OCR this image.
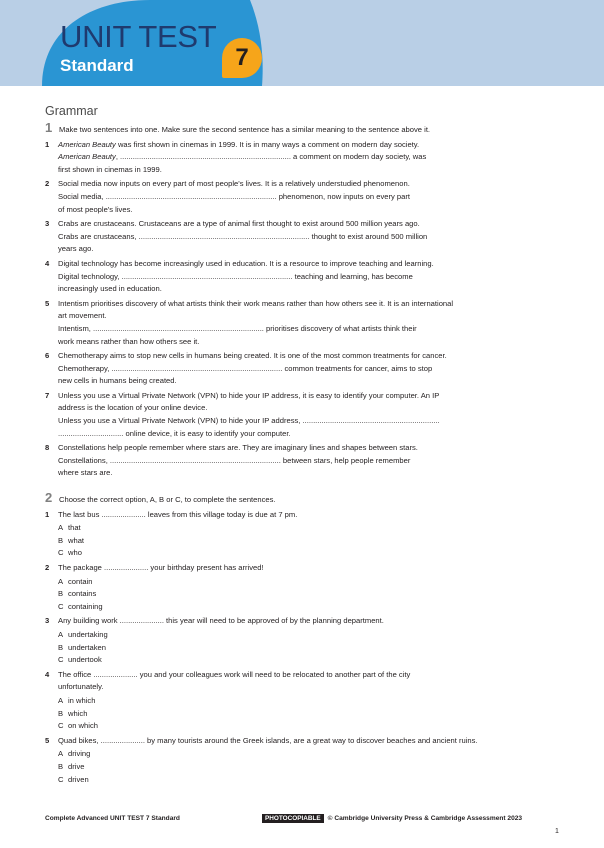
UNIT TEST
Standard	7
Grammar
1 Make two sentences into one. Make sure the second sentence has a similar meaning to the sentence above it.
1	American Beauty was first shown in cinemas in 1999. It is in many ways a comment on modern day society.
American Beauty, ................................................................................. a comment on modern day society, was
first shown in cinemas in 1999.
2	Social media now inputs on every part of most people's lives. It is a relatively understudied phenomenon.
Social media, ................................................................................. phenomenon, now inputs on every part
of most people's lives.
3	Crabs are crustaceans. Crustaceans are a type of animal first thought to exist around 500 million years ago.
Crabs are crustaceans, ................................................................................. thought to exist around 500 million
years ago.
4	Digital technology has become increasingly used in education. It is a resource to improve teaching and learning.
Digital technology, ................................................................................. teaching and learning, has become
increasingly used in education.
5	Intentism prioritises discovery of what artists think their work means rather than how others see it. It is an international
art movement.
Intentism, ................................................................................. prioritises discovery of what artists think their
work means rather than how others see it.
6	Chemotherapy aims to stop new cells in humans being created. It is one of the most common treatments for cancer.
Chemotherapy, ................................................................................. common treatments for cancer, aims to stop
new cells in humans being created.
7	Unless you use a Virtual Private Network (VPN) to hide your IP address, it is easy to identify your computer. An IP
address is the location of your online device.
Unless you use a Virtual Private Network (VPN) to hide your IP address, .................................................................
............................... online device, it is easy to identify your computer.
8	Constellations help people remember where stars are. They are imaginary lines and shapes between stars.
Constellations, ................................................................................. between stars, help people remember
where stars are.
2 Choose the correct option, A, B or C, to complete the sentences.
1	The last bus ..................... leaves from this village today is due at 7 pm.
A that
B what
C who
2	The package ..................... your birthday present has arrived!
A contain
B contains
C containing
3	Any building work ..................... this year will need to be approved of by the planning department.
A undertaking
B undertaken
C undertook
4	The office ..................... you and your colleagues work will need to be relocated to another part of the city
unfortunately.
A in which
B which
C on which
5	Quad bikes, ..................... by many tourists around the Greek islands, are a great way to discover beaches and ancient ruins.
A driving
B drive
C driven
Complete Advanced UNIT TEST 7 Standard	PHOTOCOPIABLE	© Cambridge University Press & Cambridge Assessment 2023
1
